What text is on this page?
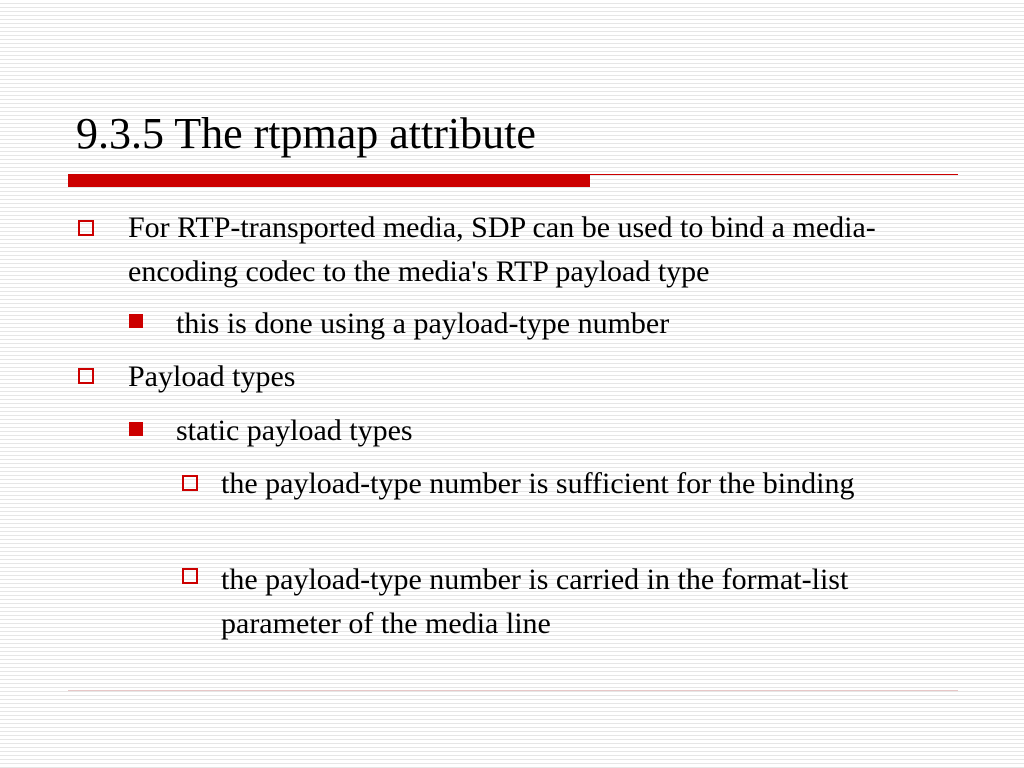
9.3.5 The rtpmap attribute
For RTP-transported media, SDP can be used to bind a media-encoding codec to the media's RTP payload type
this is done using a payload-type number
Payload types
static payload types
the payload-type number is sufficient for the binding
the payload-type number is carried in the format-list parameter of the media line
